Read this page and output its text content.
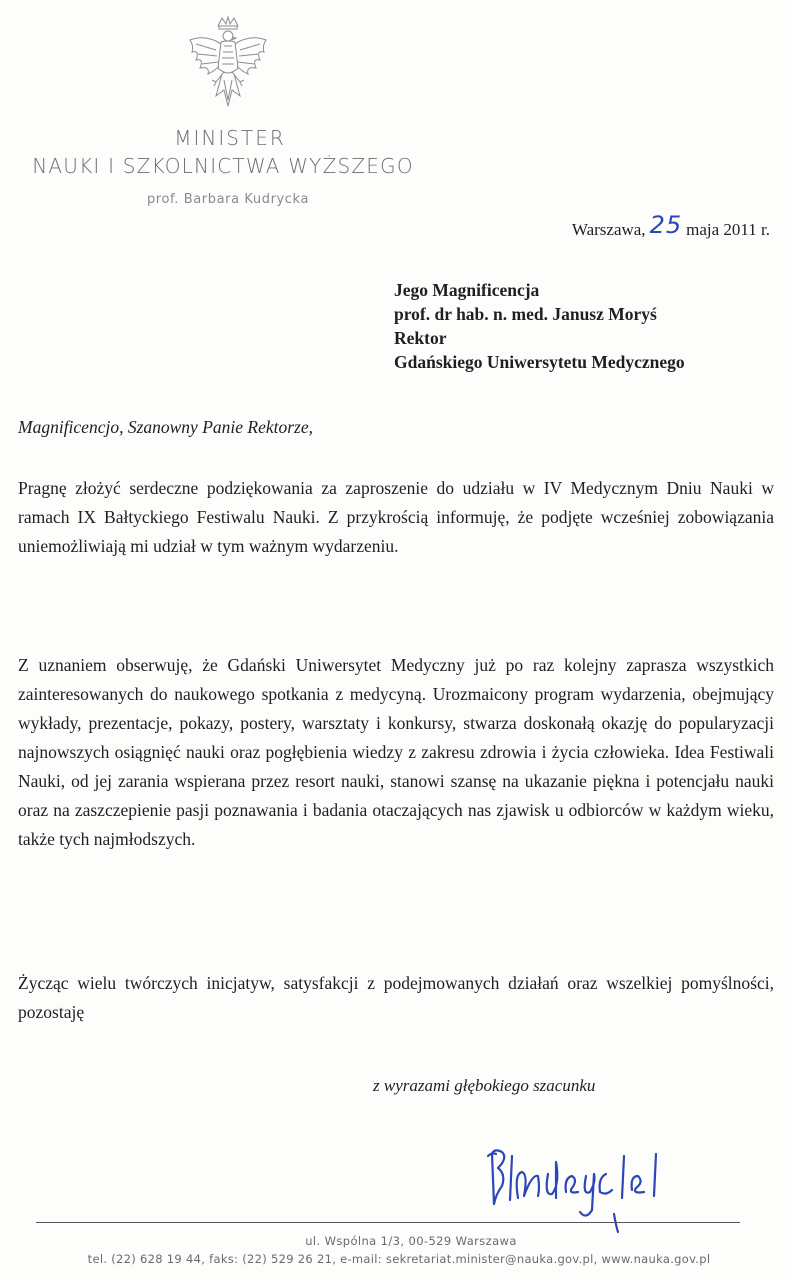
MINISTER
NAUKI I SZKOLNICTWA WYŻSZEGO
prof. Barbara Kudrycka
Warszawa, 25 maja 2011 r.
Jego Magnificencja
prof. dr hab. n. med. Janusz Moryś
Rektor
Gdańskiego Uniwersytetu Medycznego
Magnificencjo, Szanowny Panie Rektorze,
Pragnę złożyć serdeczne podziękowania za zaproszenie do udziału w IV Medycznym Dniu Nauki w ramach IX Bałtyckiego Festiwalu Nauki. Z przykrością informuję, że podjęte wcześniej zobowiązania uniemożliwiają mi udział w tym ważnym wydarzeniu.
Z uznaniem obserwuję, że Gdański Uniwersytet Medyczny już po raz kolejny zaprasza wszystkich zainteresowanych do naukowego spotkania z medycyną. Urozmaicony program wydarzenia, obejmujący wykłady, prezentacje, pokazy, postery, warsztaty i konkursy, stwarza doskonałą okazję do popularyzacji najnowszych osiągnięć nauki oraz pogłębienia wiedzy z zakresu zdrowia i życia człowieka. Idea Festiwali Nauki, od jej zarania wspierana przez resort nauki, stanowi szansę na ukazanie piękna i potencjału nauki oraz na zaszczepienie pasji poznawania i badania otaczających nas zjawisk u odbiorców w każdym wieku, także tych najmłodszych.
Życząc wielu twórczych inicjatyw, satysfakcji z podejmowanych działań oraz wszelkiej pomyślności, pozostaję
z wyrazami głębokiego szacunku
ul. Wspólna 1/3, 00-529 Warszawa
tel. (22) 628 19 44, faks: (22) 529 26 21, e-mail: sekretariat.minister@nauka.gov.pl, www.nauka.gov.pl
